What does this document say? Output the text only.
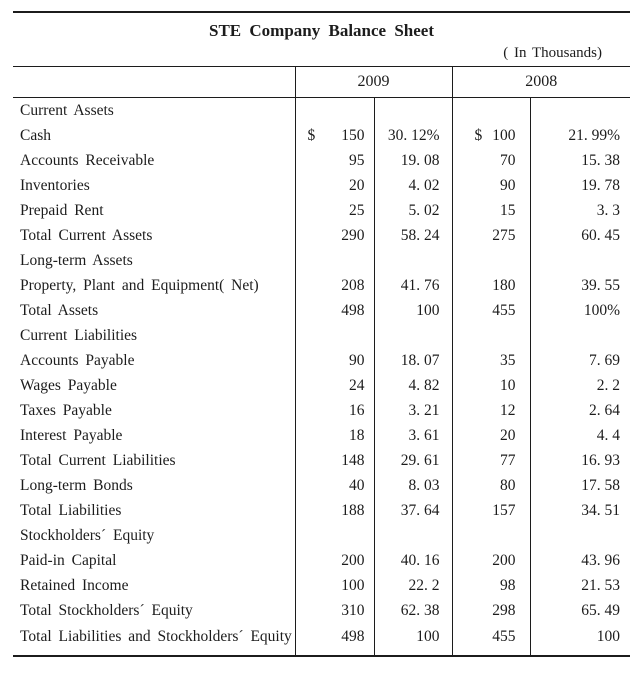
STE Company Balance Sheet
( In Thousands)
	2009		2008	
Current Assets				
Cash	$ 150	30. 12%	$ 100	21. 99%
Accounts Receivable	95	19. 08	70	15. 38
Inventories	20	4. 02	90	19. 78
Prepaid Rent	25	5. 02	15	3. 3
Total Current Assets	290	58. 24	275	60. 45
Long-term Assets				
Property, Plant and Equipment( Net)	208	41. 76	180	39. 55
Total Assets	498	100	455	100%
Current Liabilities				
Accounts Payable	90	18. 07	35	7. 69
Wages Payable	24	4. 82	10	2. 2
Taxes Payable	16	3. 21	12	2. 64
Interest Payable	18	3. 61	20	4. 4
Total Current Liabilities	148	29. 61	77	16. 93
Long-term Bonds	40	8. 03	80	17. 58
Total Liabilities	188	37. 64	157	34. 51
Stockholders´ Equity				
Paid-in Capital	200	40. 16	200	43. 96
Retained Income	100	22. 2	98	21. 53
Total Stockholders´ Equity	310	62. 38	298	65. 49
Total Liabilities and Stockholders´ Equity	498	100	455	100
